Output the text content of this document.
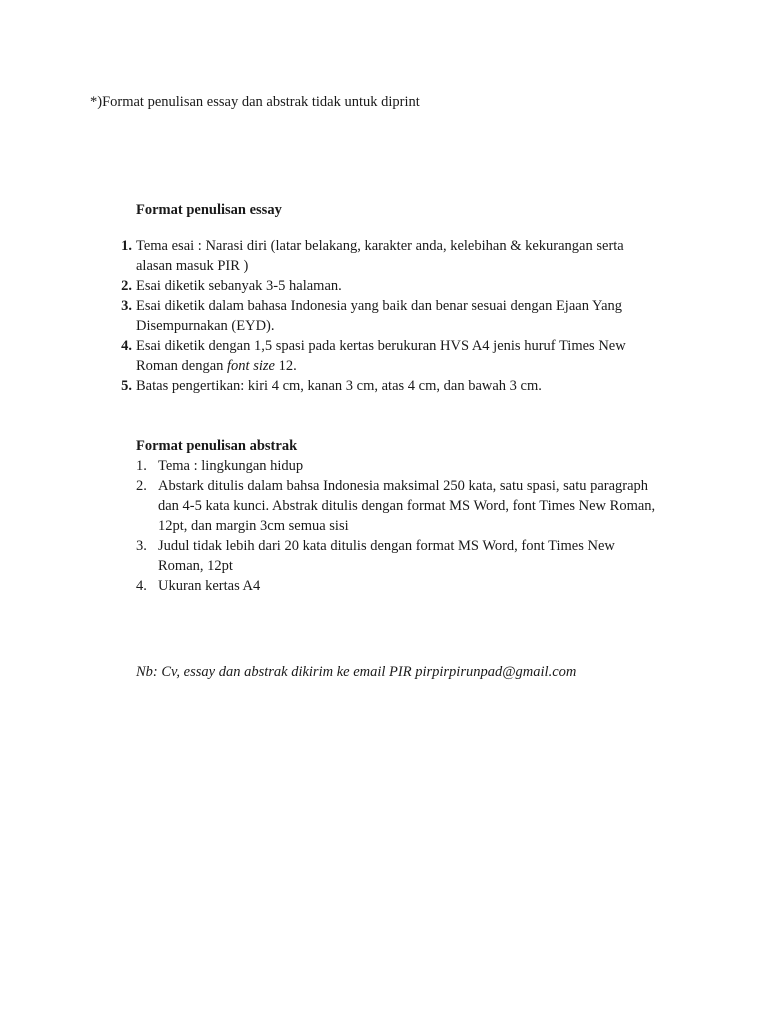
*)Format penulisan essay dan abstrak tidak untuk diprint

Format penulisan essay

1. Tema esai : Narasi diri (latar belakang, karakter anda, kelebihan & kekurangan serta
alasan masuk PIR )
2. Esai diketik sebanyak 3-5 halaman.
3. Esai diketik dalam bahasa Indonesia yang baik dan benar sesuai dengan Ejaan Yang
Disempurnakan (EYD).
4. Esai diketik dengan 1,5 spasi pada kertas berukuran HVS A4 jenis huruf Times New
Roman dengan font size 12.
5. Batas pengertikan: kiri 4 cm, kanan 3 cm, atas 4 cm, dan bawah 3 cm.

Format penulisan abstrak

1. Tema : lingkungan hidup
2. Abstark ditulis dalam bahsa Indonesia maksimal 250 kata, satu spasi, satu paragraph
dan 4-5 kata kunci. Abstrak ditulis dengan format MS Word, font Times New Roman,
12pt, dan margin 3cm semua sisi
3. Judul tidak lebih dari 20 kata ditulis dengan format MS Word, font Times New
Roman, 12pt
4. Ukuran kertas A4
Nb: Cv, essay dan abstrak dikirim ke email PIR pirpirpirunpad@gmail.com
